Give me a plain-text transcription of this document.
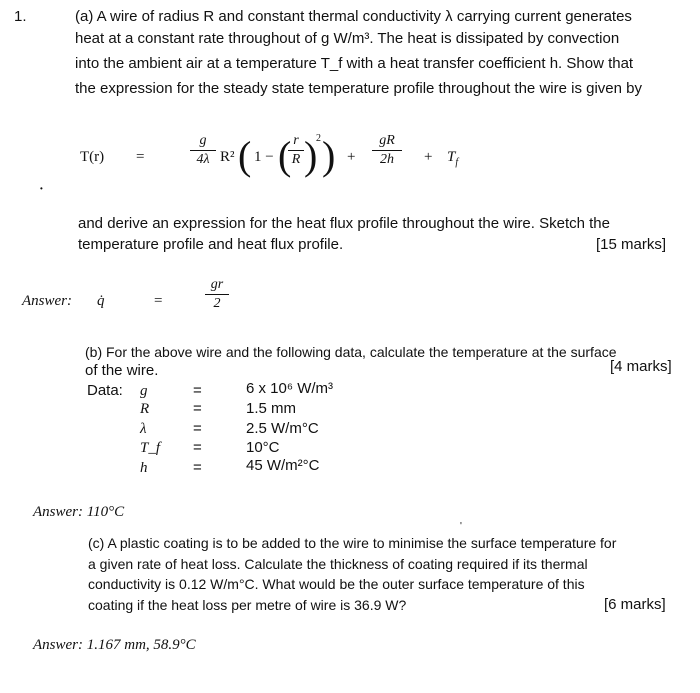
1.	(a) A wire of radius R and constant thermal conductivity λ carrying current generates
heat at a constant rate throughout of g W/m³. The heat is dissipated by convection
into the ambient air at a temperature T_f with a heat transfer coefficient h. Show that
the expression for the steady state temperature profile throughout the wire is given by
T(r) =
g
4λ R² ( 1 − ( r
R )
2 ) +
gR
2h	+ $T_f$
•
and derive an expression for the heat flux profile throughout the wire. Sketch the
temperature profile and heat flux profile.	[15 marks]
Answer: q̇	=
gr
2
(b) For the above wire and the following data, calculate the temperature at the surface
of the wire.	[4 marks]
Data: g	=	6 x 10⁶ W/m³
R	=	1.5 mm
λ	=	2.5 W/m°C
T_f =	10°C
h	=	45 W/m²°C
Answer: 110°C
'
(c) A plastic coating is to be added to the wire to minimise the surface temperature for
a given rate of heat loss. Calculate the thickness of coating required if its thermal
conductivity is 0.12 W/m°C. What would be the outer surface temperature of this
coating if the heat loss per metre of wire is 36.9 W?	[6 marks]
Answer: 1.167 mm, 58.9°C
